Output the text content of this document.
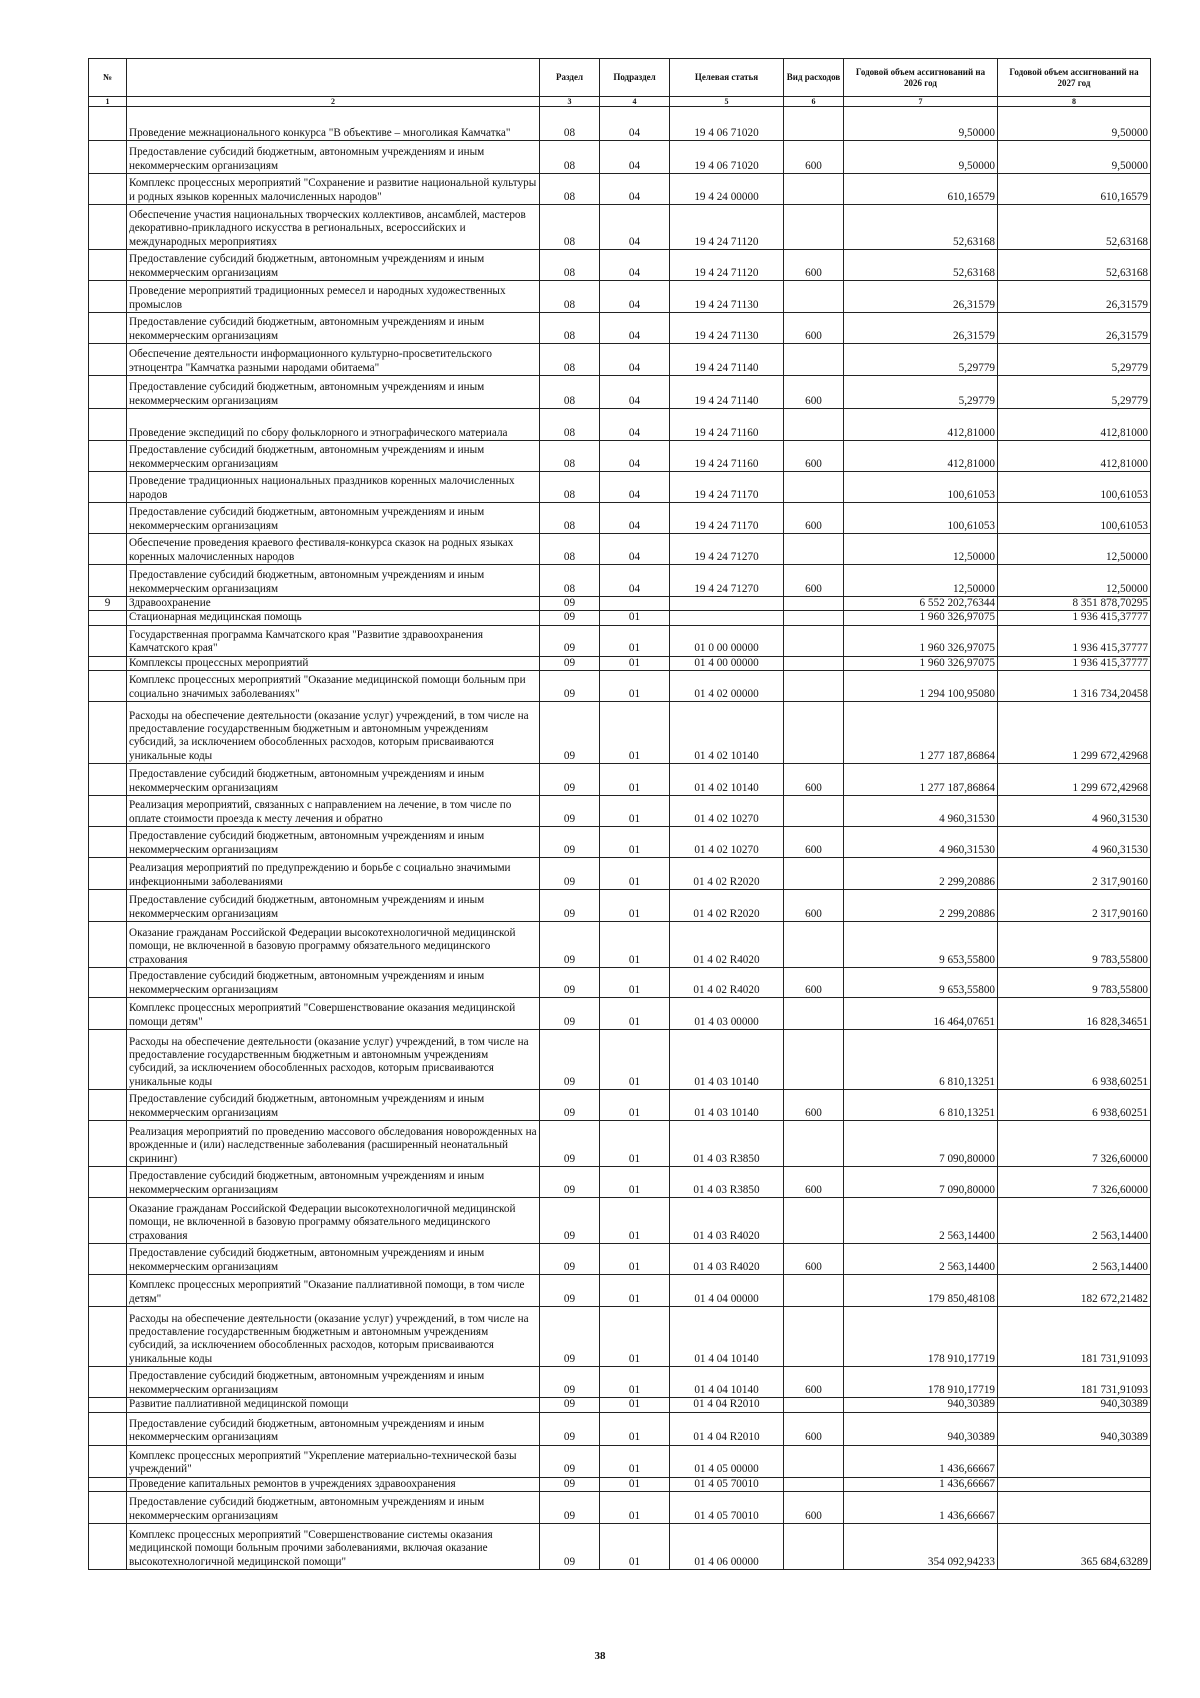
№		Раздел	Подраздел	Целевая статья	Вид расходов	Годовой объем ассигнований на 2026 год	Годовой объем ассигнований на 2027 год
1	2	3	4	5	6	7	8
	Проведение межнационального конкурса "В объективе – многоликая Камчатка"	08	04	19 4 06 71020		9,50000	9,50000
	Предоставление субсидий бюджетным, автономным учреждениям и иным некоммерческим организациям	08	04	19 4 06 71020	600	9,50000	9,50000
	Комплекс процессных мероприятий "Сохранение и развитие национальной культуры и родных языков коренных малочисленных народов"	08	04	19 4 24 00000		610,16579	610,16579
	Обеспечение участия национальных творческих коллективов, ансамблей, мастеров декоративно-прикладного искусства в региональных, всероссийских и международных мероприятиях	08	04	19 4 24 71120		52,63168	52,63168
	Предоставление субсидий бюджетным, автономным учреждениям и иным некоммерческим организациям	08	04	19 4 24 71120	600	52,63168	52,63168
	Проведение мероприятий традиционных ремесел и народных художественных промыслов	08	04	19 4 24 71130		26,31579	26,31579
	Предоставление субсидий бюджетным, автономным учреждениям и иным некоммерческим организациям	08	04	19 4 24 71130	600	26,31579	26,31579
	Обеспечение деятельности информационного культурно-просветительского этноцентра "Камчатка разными народами обитаема"	08	04	19 4 24 71140		5,29779	5,29779
	Предоставление субсидий бюджетным, автономным учреждениям и иным некоммерческим организациям	08	04	19 4 24 71140	600	5,29779	5,29779
	Проведение экспедиций по сбору фольклорного и этнографического материала	08	04	19 4 24 71160		412,81000	412,81000
	Предоставление субсидий бюджетным, автономным учреждениям и иным некоммерческим организациям	08	04	19 4 24 71160	600	412,81000	412,81000
	Проведение традиционных национальных праздников коренных малочисленных народов	08	04	19 4 24 71170		100,61053	100,61053
	Предоставление субсидий бюджетным, автономным учреждениям и иным некоммерческим организациям	08	04	19 4 24 71170	600	100,61053	100,61053
	Обеспечение проведения краевого фестиваля-конкурса сказок на родных языках коренных малочисленных народов	08	04	19 4 24 71270		12,50000	12,50000
	Предоставление субсидий бюджетным, автономным учреждениям и иным некоммерческим организациям	08	04	19 4 24 71270	600	12,50000	12,50000
9	Здравоохранение	09				6 552 202,76344	8 351 878,70295
	Стационарная медицинская помощь	09	01			1 960 326,97075	1 936 415,37777
	Государственная программа Камчатского края "Развитие здравоохранения Камчатского края"	09	01	01 0 00 00000		1 960 326,97075	1 936 415,37777
	Комплексы процессных мероприятий	09	01	01 4 00 00000		1 960 326,97075	1 936 415,37777
	Комплекс процессных мероприятий "Оказание медицинской помощи больным при социально значимых заболеваниях"	09	01	01 4 02 00000		1 294 100,95080	1 316 734,20458
	Расходы на обеспечение деятельности (оказание услуг) учреждений, в том числе на предоставление государственным бюджетным и автономным учреждениям субсидий, за исключением обособленных расходов, которым присваиваются уникальные коды	09	01	01 4 02 10140		1 277 187,86864	1 299 672,42968
	Предоставление субсидий бюджетным, автономным учреждениям и иным некоммерческим организациям	09	01	01 4 02 10140	600	1 277 187,86864	1 299 672,42968
	Реализация мероприятий, связанных с направлением на лечение, в том числе по оплате стоимости проезда к месту лечения и обратно	09	01	01 4 02 10270		4 960,31530	4 960,31530
	Предоставление субсидий бюджетным, автономным учреждениям и иным некоммерческим организациям	09	01	01 4 02 10270	600	4 960,31530	4 960,31530
	Реализация мероприятий по предупреждению и борьбе с социально значимыми инфекционными заболеваниями	09	01	01 4 02 R2020		2 299,20886	2 317,90160
	Предоставление субсидий бюджетным, автономным учреждениям и иным некоммерческим организациям	09	01	01 4 02 R2020	600	2 299,20886	2 317,90160
	Оказание гражданам Российской Федерации высокотехнологичной медицинской помощи, не включенной в базовую программу обязательного медицинского страхования	09	01	01 4 02 R4020		9 653,55800	9 783,55800
	Предоставление субсидий бюджетным, автономным учреждениям и иным некоммерческим организациям	09	01	01 4 02 R4020	600	9 653,55800	9 783,55800
	Комплекс процессных мероприятий "Совершенствование оказания медицинской помощи детям"	09	01	01 4 03 00000		16 464,07651	16 828,34651
	Расходы на обеспечение деятельности (оказание услуг) учреждений, в том числе на предоставление государственным бюджетным и автономным учреждениям субсидий, за исключением обособленных расходов, которым присваиваются уникальные коды	09	01	01 4 03 10140		6 810,13251	6 938,60251
	Предоставление субсидий бюджетным, автономным учреждениям и иным некоммерческим организациям	09	01	01 4 03 10140	600	6 810,13251	6 938,60251
	Реализация мероприятий по проведению массового обследования новорожденных на врожденные и (или) наследственные заболевания (расширенный неонатальный скрининг)	09	01	01 4 03 R3850		7 090,80000	7 326,60000
	Предоставление субсидий бюджетным, автономным учреждениям и иным некоммерческим организациям	09	01	01 4 03 R3850	600	7 090,80000	7 326,60000
	Оказание гражданам Российской Федерации высокотехнологичной медицинской помощи, не включенной в базовую программу обязательного медицинского страхования	09	01	01 4 03 R4020		2 563,14400	2 563,14400
	Предоставление субсидий бюджетным, автономным учреждениям и иным некоммерческим организациям	09	01	01 4 03 R4020	600	2 563,14400	2 563,14400
	Комплекс процессных мероприятий "Оказание паллиативной помощи, в том числе детям"	09	01	01 4 04 00000		179 850,48108	182 672,21482
	Расходы на обеспечение деятельности (оказание услуг) учреждений, в том числе на предоставление государственным бюджетным и автономным учреждениям субсидий, за исключением обособленных расходов, которым присваиваются уникальные коды	09	01	01 4 04 10140		178 910,17719	181 731,91093
	Предоставление субсидий бюджетным, автономным учреждениям и иным некоммерческим организациям	09	01	01 4 04 10140	600	178 910,17719	181 731,91093
	Развитие паллиативной медицинской помощи	09	01	01 4 04 R2010		940,30389	940,30389
	Предоставление субсидий бюджетным, автономным учреждениям и иным некоммерческим организациям	09	01	01 4 04 R2010	600	940,30389	940,30389
	Комплекс процессных мероприятий "Укрепление материально-технической базы учреждений"	09	01	01 4 05 00000		1 436,66667	
	Проведение капитальных ремонтов в учреждениях здравоохранения	09	01	01 4 05 70010		1 436,66667	
	Предоставление субсидий бюджетным, автономным учреждениям и иным некоммерческим организациям	09	01	01 4 05 70010	600	1 436,66667	
	Комплекс процессных мероприятий "Совершенствование системы оказания медицинской помощи больным прочими заболеваниями, включая оказание высокотехнологичной медицинской помощи"	09	01	01 4 06 00000		354 092,94233	365 684,63289
38
